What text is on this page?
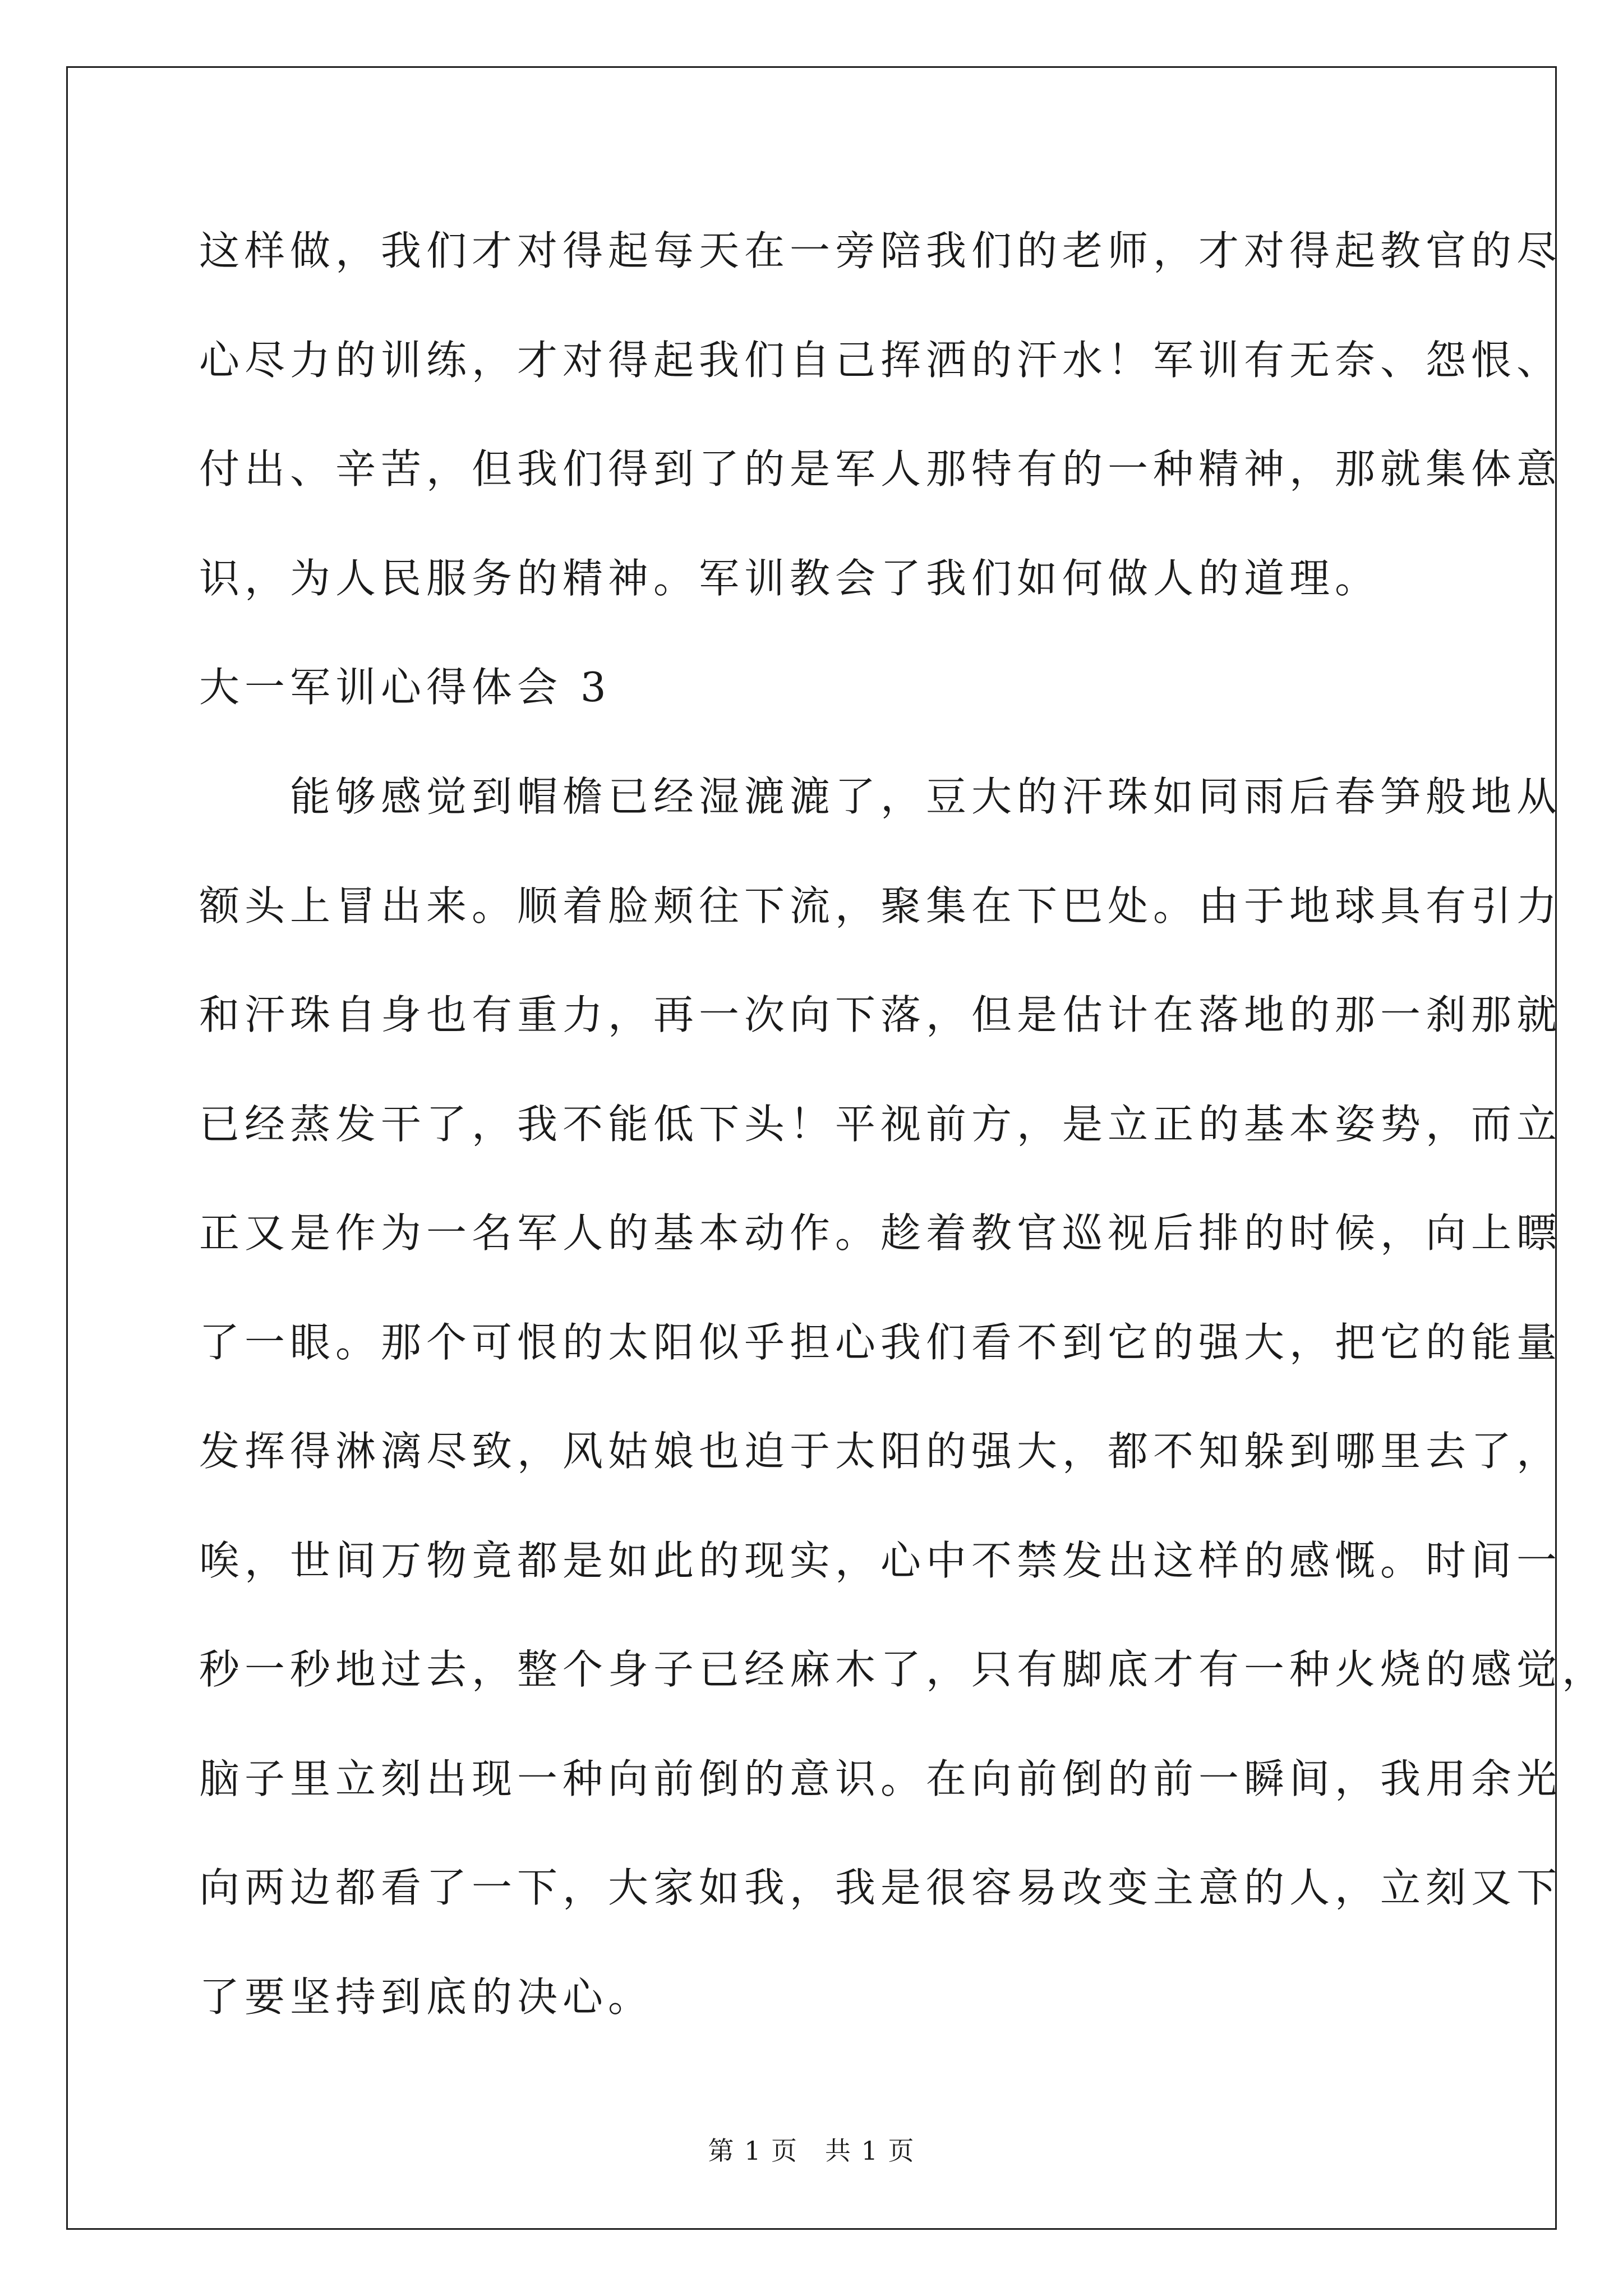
这样做，我们才对得起每天在一旁陪我们的老师，才对得起教官的尽
心尽力的训练，才对得起我们自己挥洒的汗水！军训有无奈、怨恨、
付出、辛苦，但我们得到了的是军人那特有的一种精神，那就集体意
识，为人民服务的精神。军训教会了我们如何做人的道理。
大一军训心得体会 3
　　能够感觉到帽檐已经湿漉漉了，豆大的汗珠如同雨后春笋般地从
额头上冒出来。顺着脸颊往下流，聚集在下巴处。由于地球具有引力
和汗珠自身也有重力，再一次向下落，但是估计在落地的那一刹那就
已经蒸发干了，我不能低下头！平视前方，是立正的基本姿势，而立
正又是作为一名军人的基本动作。趁着教官巡视后排的时候，向上瞟
了一眼。那个可恨的太阳似乎担心我们看不到它的强大，把它的能量
发挥得淋漓尽致，风姑娘也迫于太阳的强大，都不知躲到哪里去了，
唉，世间万物竟都是如此的现实，心中不禁发出这样的感慨。时间一
秒一秒地过去，整个身子已经麻木了，只有脚底才有一种火烧的感觉，
脑子里立刻出现一种向前倒的意识。在向前倒的前一瞬间，我用余光
向两边都看了一下，大家如我，我是很容易改变主意的人，立刻又下
了要坚持到底的决心。
第 1 页　共 1 页
